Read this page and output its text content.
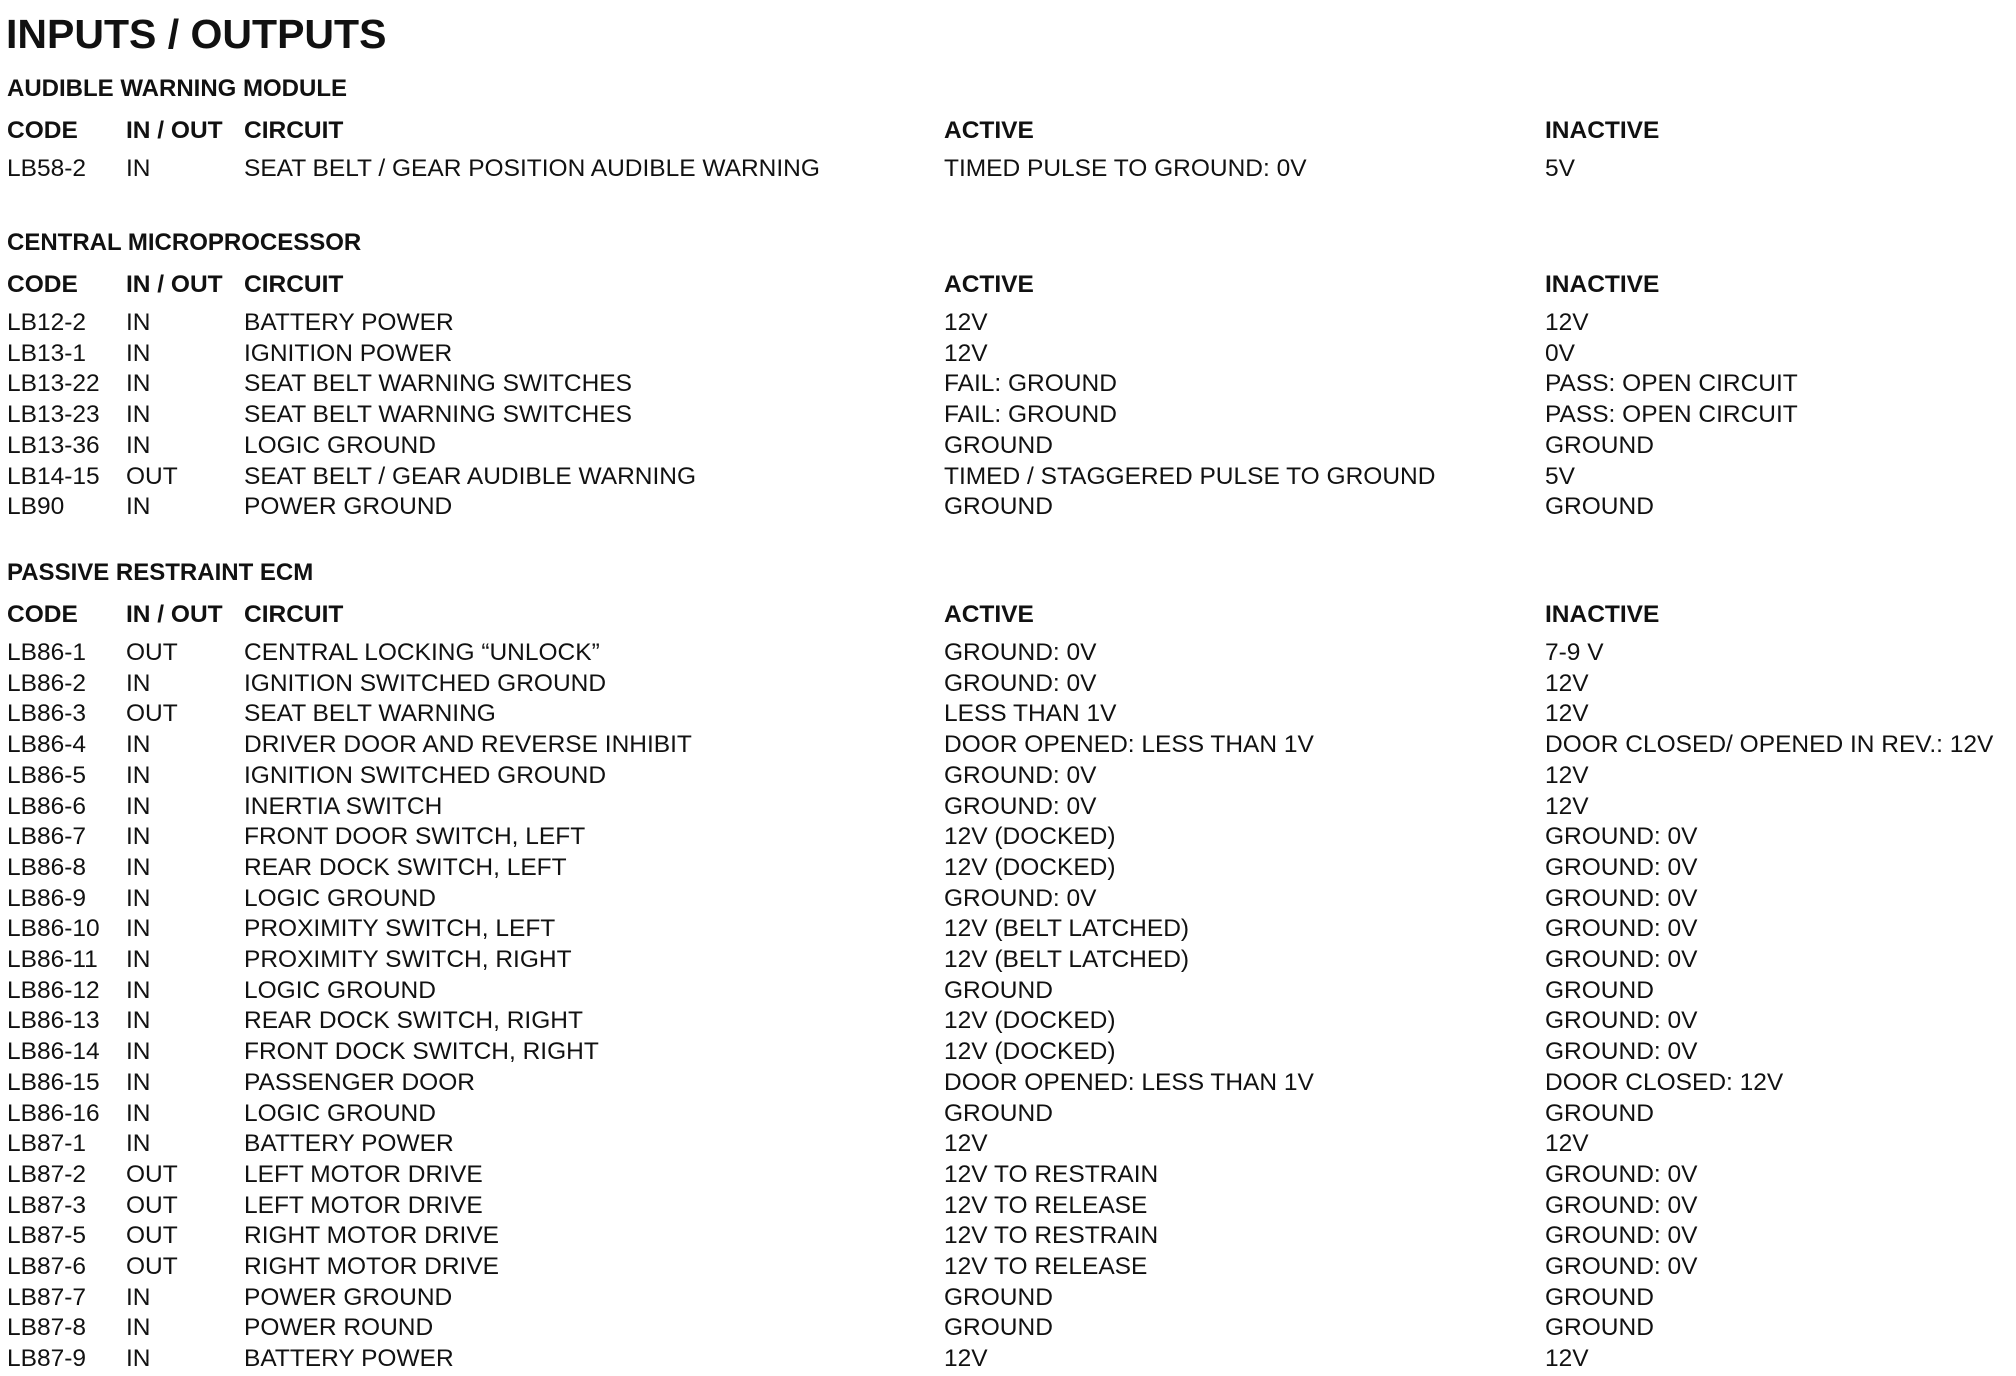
INPUTS / OUTPUTS
AUDIBLE WARNING MODULE
CODE IN / OUT CIRCUIT	ACTIVE	INACTIVE
LB58-2 IN	SEAT BELT / GEAR POSITION AUDIBLE WARNING	TIMED PULSE TO GROUND: 0V	5V
CENTRAL MICROPROCESSOR
CODE IN / OUT CIRCUIT	ACTIVE	INACTIVE
LB12-2 IN	BATTERY POWER	12V	12V
LB13-1 IN	IGNITION POWER	12V	0V
LB13-22 IN	SEAT BELT WARNING SWITCHES	FAIL: GROUND	PASS: OPEN CIRCUIT
LB13-23 IN	SEAT BELT WARNING SWITCHES	FAIL: GROUND	PASS: OPEN CIRCUIT
LB13-36 IN	LOGIC GROUND	GROUND	GROUND
LB14-15 OUT	SEAT BELT / GEAR AUDIBLE WARNING	TIMED / STAGGERED PULSE TO GROUND	5V
LB90	IN	POWER GROUND	GROUND	GROUND
PASSIVE RESTRAINT ECM
CODE IN / OUT CIRCUIT	ACTIVE	INACTIVE
LB86-1 OUT	CENTRAL LOCKING “UNLOCK”	GROUND: 0V	7-9 V
LB86-2 IN	IGNITION SWITCHED GROUND	GROUND: 0V	12V
LB86-3 OUT	SEAT BELT WARNING	LESS THAN 1V	12V
LB86-4 IN	DRIVER DOOR AND REVERSE INHIBIT	DOOR OPENED: LESS THAN 1V	DOOR CLOSED/ OPENED IN REV.: 12V
LB86-5 IN	IGNITION SWITCHED GROUND	GROUND: 0V	12V
LB86-6 IN	INERTIA SWITCH	GROUND: 0V	12V
LB86-7 IN	FRONT DOOR SWITCH, LEFT	12V (DOCKED)	GROUND: 0V
LB86-8 IN	REAR DOCK SWITCH, LEFT	12V (DOCKED)	GROUND: 0V
LB86-9 IN	LOGIC GROUND	GROUND: 0V	GROUND: 0V
LB86-10 IN	PROXIMITY SWITCH, LEFT	12V (BELT LATCHED)	GROUND: 0V
LB86-11 IN	PROXIMITY SWITCH, RIGHT	12V (BELT LATCHED)	GROUND: 0V
LB86-12 IN	LOGIC GROUND	GROUND	GROUND
LB86-13 IN	REAR DOCK SWITCH, RIGHT	12V (DOCKED)	GROUND: 0V
LB86-14 IN	FRONT DOCK SWITCH, RIGHT	12V (DOCKED)	GROUND: 0V
LB86-15 IN	PASSENGER DOOR	DOOR OPENED: LESS THAN 1V	DOOR CLOSED: 12V
LB86-16 IN	LOGIC GROUND	GROUND	GROUND
LB87-1 IN	BATTERY POWER	12V	12V
LB87-2 OUT	LEFT MOTOR DRIVE	12V TO RESTRAIN	GROUND: 0V
LB87-3 OUT	LEFT MOTOR DRIVE	12V TO RELEASE	GROUND: 0V
LB87-5 OUT	RIGHT MOTOR DRIVE	12V TO RESTRAIN	GROUND: 0V
LB87-6 OUT	RIGHT MOTOR DRIVE	12V TO RELEASE	GROUND: 0V
LB87-7 IN	POWER GROUND	GROUND	GROUND
LB87-8 IN	POWER ROUND	GROUND	GROUND
LB87-9 IN	BATTERY POWER	12V	12V
